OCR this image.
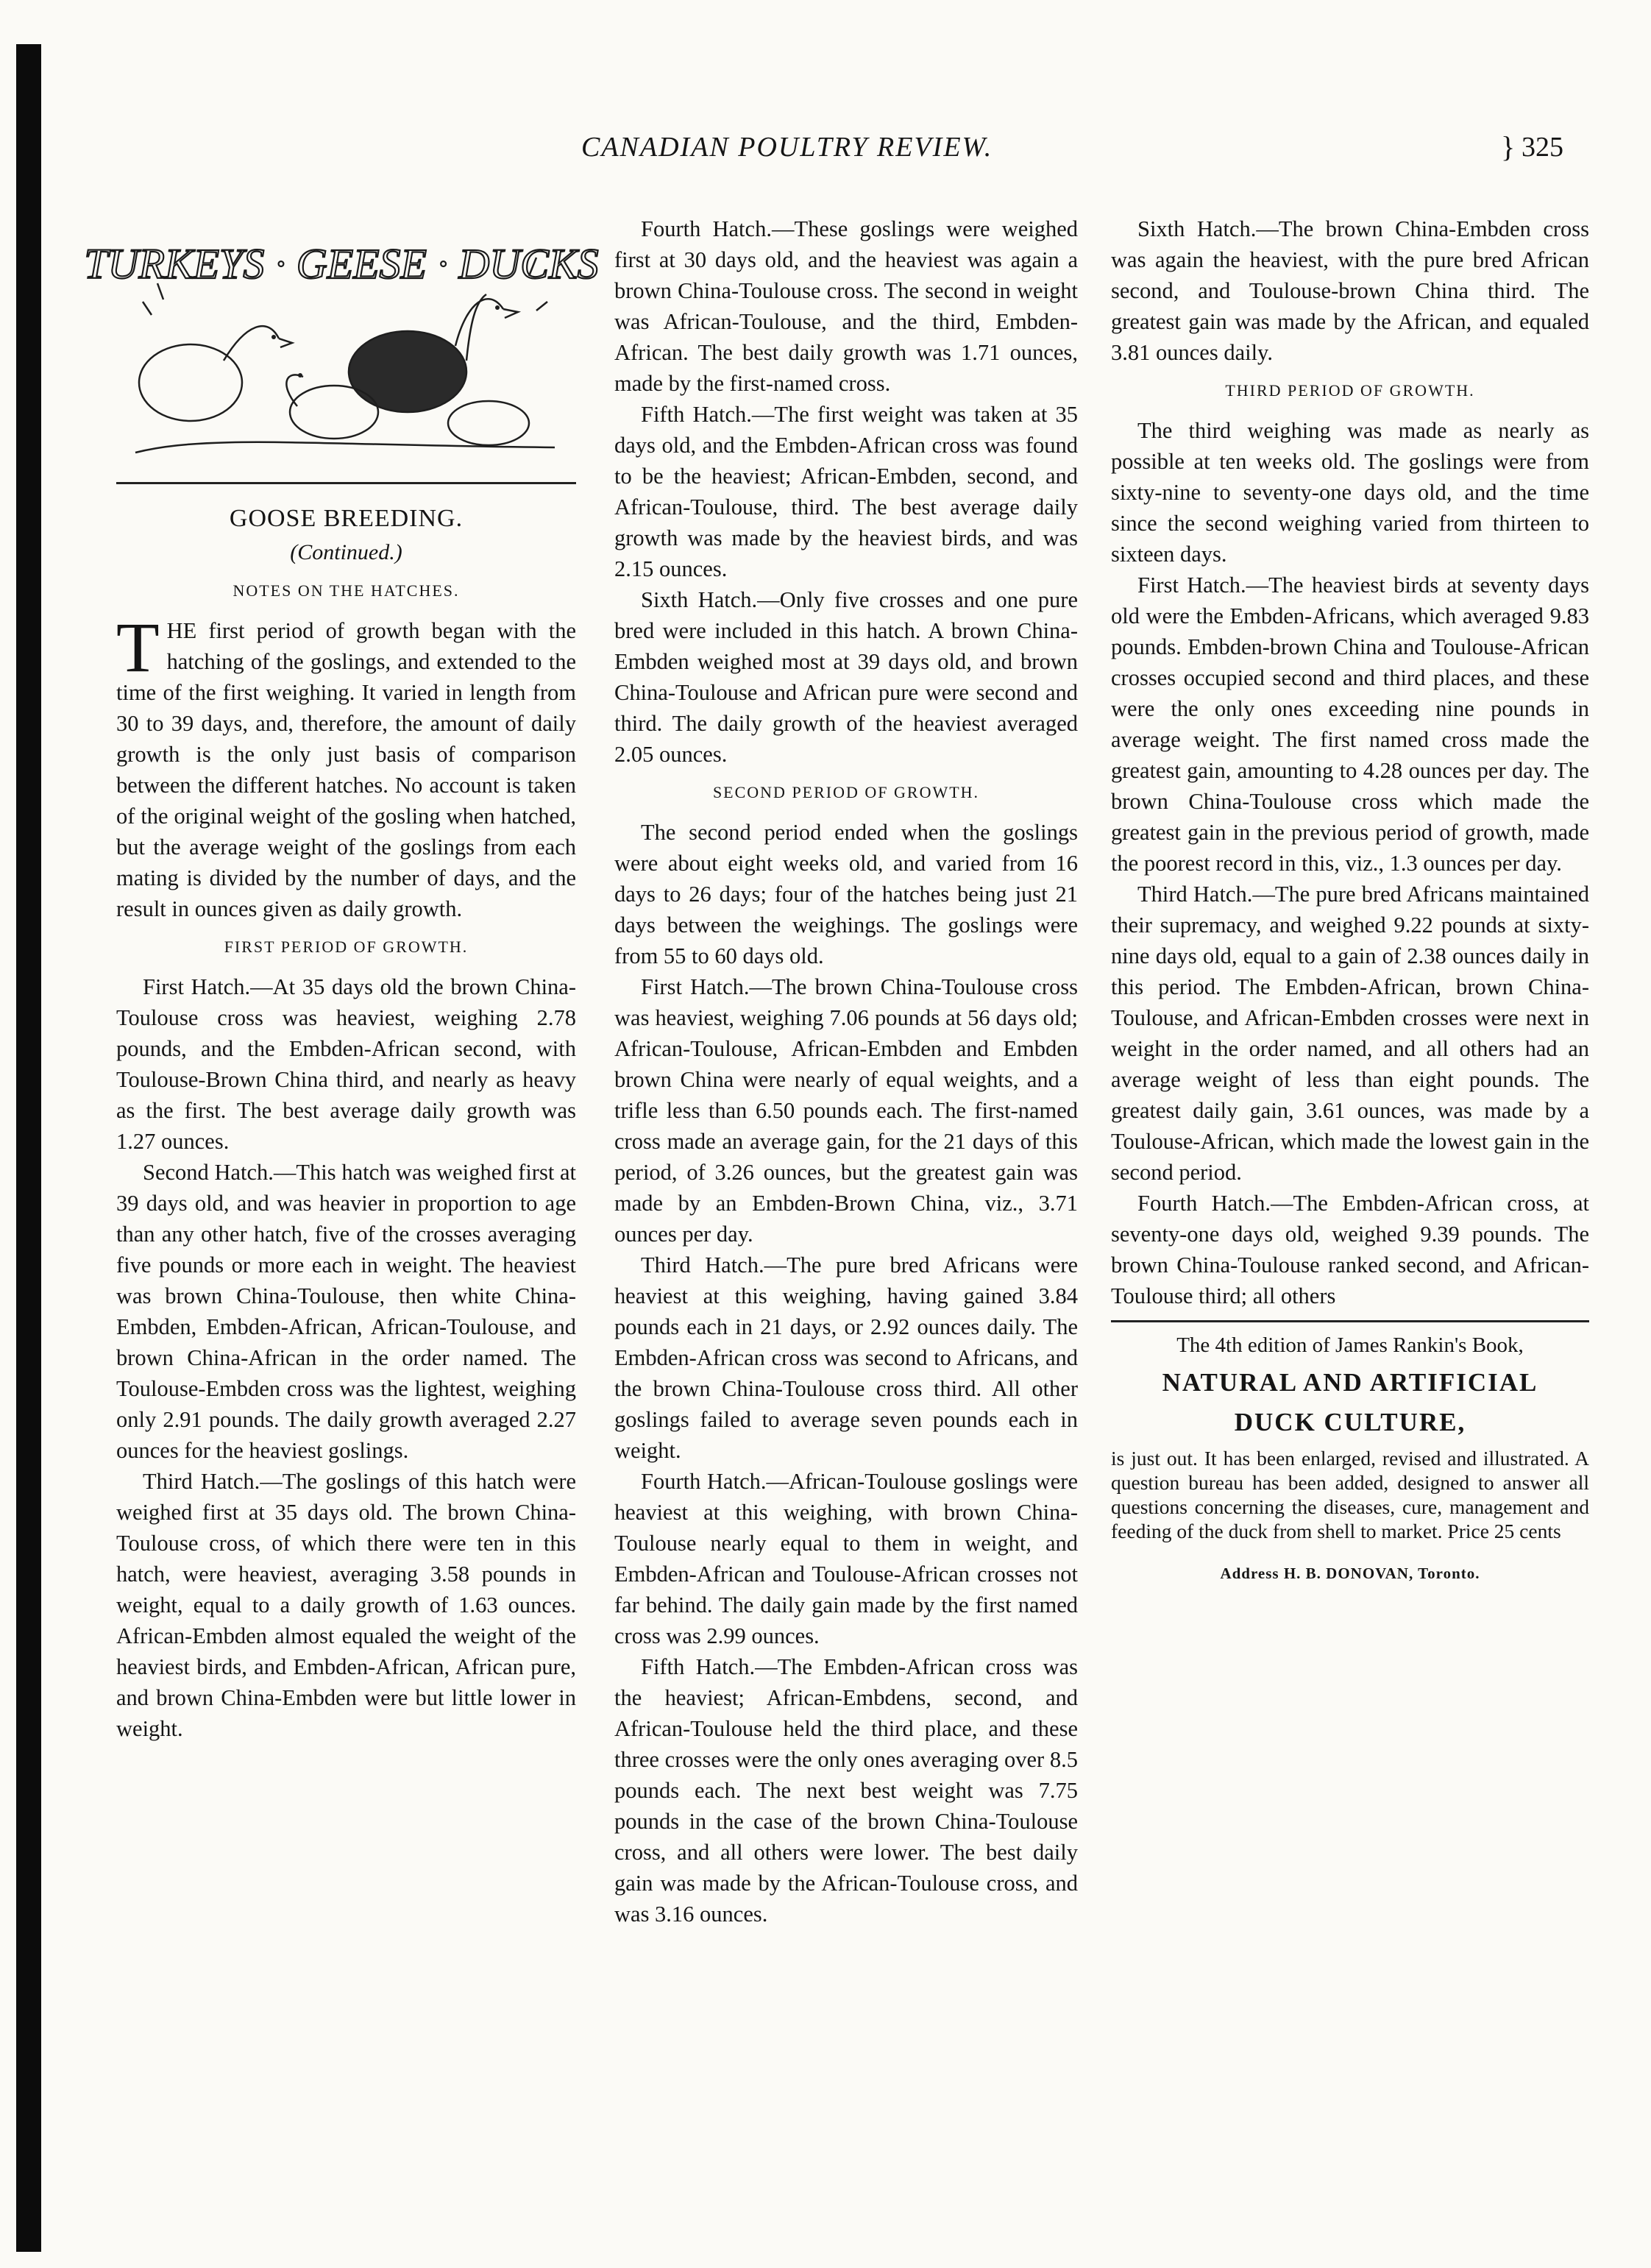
CANADIAN POULTRY REVIEW.	} 325
TURKEYS · GEESE · DUCKS
GOOSE BREEDING.
(Continued.)
NOTES ON THE HATCHES.

THE first period of growth began with the hatching of the goslings, and extended to the time of the first weighing. It varied in length from 30 to 39 days, and, therefore, the amount of daily growth is the only just basis of comparison between the different hatches. No account is taken of the original weight of the gosling when hatched, but the average weight of the goslings from each mating is divided by the number of days, and the result in ounces given as daily growth.

FIRST PERIOD OF GROWTH.

First Hatch.—At 35 days old the brown China-Toulouse cross was heaviest, weighing 2.78 pounds, and the Embden-African second, with Toulouse-Brown China third, and nearly as heavy as the first. The best average daily growth was 1.27 ounces.

Second Hatch.—This hatch was weighed first at 39 days old, and was heavier in proportion to age than any other hatch, five of the crosses averaging five pounds or more each in weight. The heaviest was brown China-Toulouse, then white China-Embden, Embden-African, African-Toulouse, and brown China-African in the order named. The Toulouse-Embden cross was the lightest, weighing only 2.91 pounds. The daily growth averaged 2.27 ounces for the heaviest goslings.

Third Hatch.—The goslings of this hatch were weighed first at 35 days old. The brown China-Toulouse cross, of which there were ten in this hatch, were heaviest, averaging 3.58 pounds in weight, equal to a daily growth of 1.63 ounces. African-Embden almost equaled the weight of the heaviest birds, and Embden-African, African pure, and brown China-Embden were but little lower in weight.

Fourth Hatch.—These goslings were weighed first at 30 days old, and the heaviest was again a brown China-Toulouse cross. The second in weight was African-Toulouse, and the third, Embden-African. The best daily growth was 1.71 ounces, made by the first-named cross.

Fifth Hatch.—The first weight was taken at 35 days old, and the Embden-African cross was found to be the heaviest; African-Embden, second, and African-Toulouse, third. The best average daily growth was made by the heaviest birds, and was 2.15 ounces.

Sixth Hatch.—Only five crosses and one pure bred were included in this hatch. A brown China-Embden weighed most at 39 days old, and brown China-Toulouse and African pure were second and third. The daily growth of the heaviest averaged 2.05 ounces.

SECOND PERIOD OF GROWTH.

The second period ended when the goslings were about eight weeks old, and varied from 16 days to 26 days; four of the hatches being just 21 days between the weighings. The goslings were from 55 to 60 days old.

First Hatch.—The brown China-Toulouse cross was heaviest, weighing 7.06 pounds at 56 days old; African-Toulouse, African-Embden and Embden brown China were nearly of equal weights, and a trifle less than 6.50 pounds each. The first-named cross made an average gain, for the 21 days of this period, of 3.26 ounces, but the greatest gain was made by an Embden-Brown China, viz., 3.71 ounces per day.

Third Hatch.—The pure bred Africans were heaviest at this weighing, having gained 3.84 pounds each in 21 days, or 2.92 ounces daily. The Embden-African cross was second to Africans, and the brown China-Toulouse cross third. All other goslings failed to average seven pounds each in weight.

Fourth Hatch.—African-Toulouse goslings were heaviest at this weighing, with brown China-Toulouse nearly equal to them in weight, and Embden-African and Toulouse-African crosses not far behind. The daily gain made by the first named cross was 2.99 ounces.

Fifth Hatch.—The Embden-African cross was the heaviest; African-Embdens, second, and African-Toulouse held the third place, and these three crosses were the only ones averaging over 8.5 pounds each. The next best weight was 7.75 pounds in the case of the brown China-Toulouse cross, and all others were lower. The best daily gain was made by the African-Toulouse cross, and was 3.16 ounces.

Sixth Hatch.—The brown China-Embden cross was again the heaviest, with the pure bred African second, and Toulouse-brown China third. The greatest gain was made by the African, and equaled 3.81 ounces daily.

THIRD PERIOD OF GROWTH.

The third weighing was made as nearly as possible at ten weeks old. The goslings were from sixty-nine to seventy-one days old, and the time since the second weighing varied from thirteen to sixteen days.

First Hatch.—The heaviest birds at seventy days old were the Embden-Africans, which averaged 9.83 pounds. Embden-brown China and Toulouse-African crosses occupied second and third places, and these were the only ones exceeding nine pounds in average weight. The first named cross made the greatest gain, amounting to 4.28 ounces per day. The brown China-Toulouse cross which made the greatest gain in the previous period of growth, made the poorest record in this, viz., 1.3 ounces per day.

Third Hatch.—The pure bred Africans maintained their supremacy, and weighed 9.22 pounds at sixty-nine days old, equal to a gain of 2.38 ounces daily in this period. The Embden-African, brown China-Toulouse, and African-Embden crosses were next in weight in the order named, and all others had an average weight of less than eight pounds. The greatest daily gain, 3.61 ounces, was made by a Toulouse-African, which made the lowest gain in the second period.

Fourth Hatch.—The Embden-African cross, at seventy-one days old, weighed 9.39 pounds. The brown China-Toulouse ranked second, and African-Toulouse third; all others

The 4th edition of James Rankin's Book,
NATURAL AND ARTIFICIAL
DUCK CULTURE,
is just out. It has been enlarged, revised and illustrated. A question bureau has been added, designed to answer all questions concerning the diseases, cure, management and feeding of the duck from shell to market. Price 25 cents
Address H. B. DONOVAN, Toronto.
